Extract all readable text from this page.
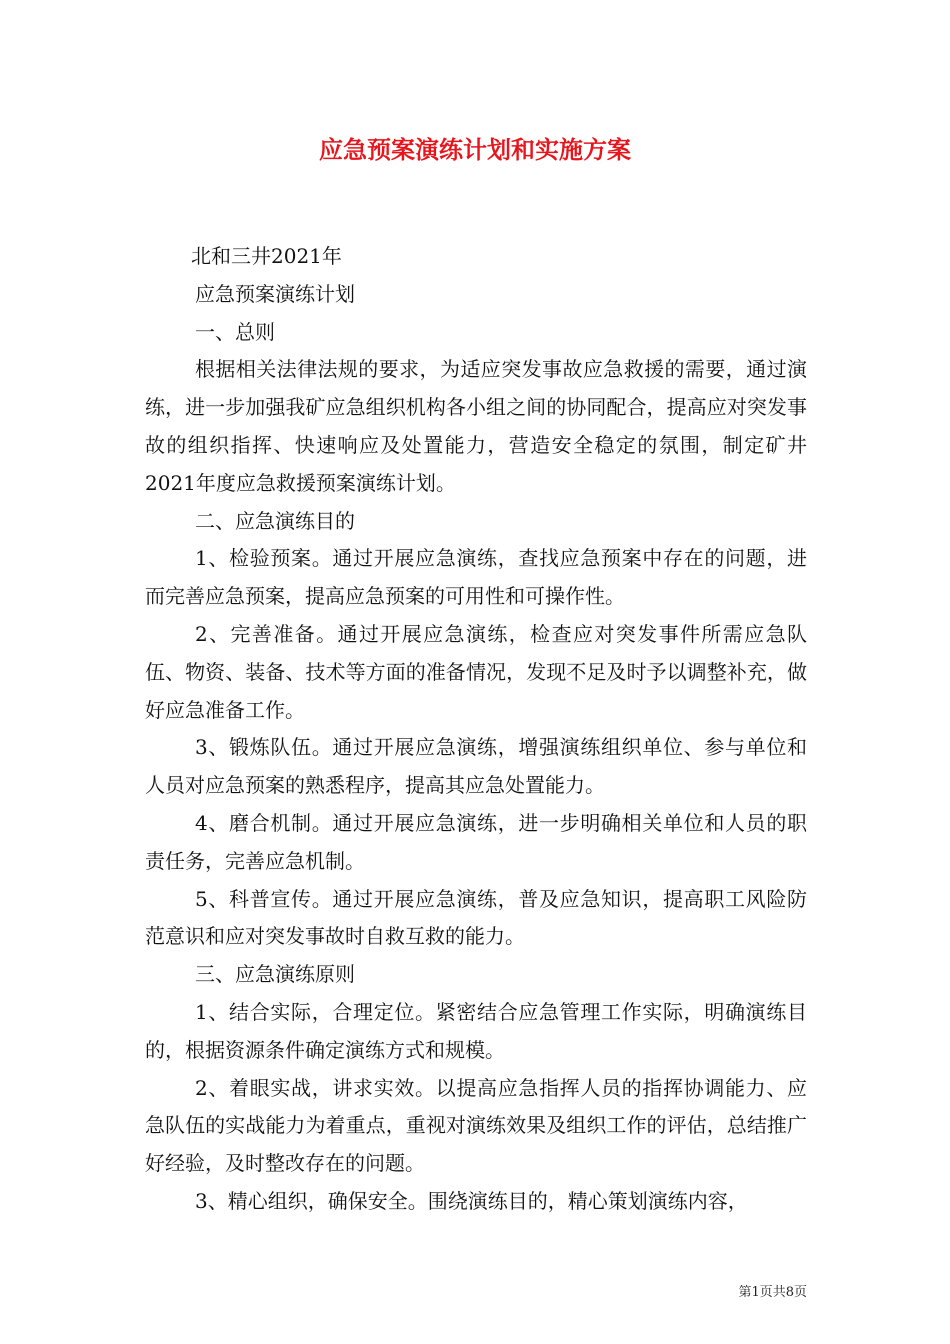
应急预案演练计划和实施方案

北和三井2021年

应急预案演练计划

一、总则

根据相关法律法规的要求，为适应突发事故应急救援的需要，通过演练，进一步加强我矿应急组织机构各小组之间的协同配合，提高应对突发事故的组织指挥、快速响应及处置能力，营造安全稳定的氛围，制定矿井2021年度应急救援预案演练计划。

二、应急演练目的

1、检验预案。通过开展应急演练，查找应急预案中存在的问题，进而完善应急预案，提高应急预案的可用性和可操作性。

2、完善准备。通过开展应急演练，检查应对突发事件所需应急队伍、物资、装备、技术等方面的准备情况，发现不足及时予以调整补充，做好应急准备工作。

3、锻炼队伍。通过开展应急演练，增强演练组织单位、参与单位和人员对应急预案的熟悉程序，提高其应急处置能力。

4、磨合机制。通过开展应急演练，进一步明确相关单位和人员的职责任务，完善应急机制。

5、科普宣传。通过开展应急演练，普及应急知识，提高职工风险防范意识和应对突发事故时自救互救的能力。

三、应急演练原则

1、结合实际，合理定位。紧密结合应急管理工作实际，明确演练目的，根据资源条件确定演练方式和规模。

2、着眼实战，讲求实效。以提高应急指挥人员的指挥协调能力、应急队伍的实战能力为着重点，重视对演练效果及组织工作的评估，总结推广好经验，及时整改存在的问题。

3、精心组织，确保安全。围绕演练目的，精心策划演练内容，

第1页共8页
